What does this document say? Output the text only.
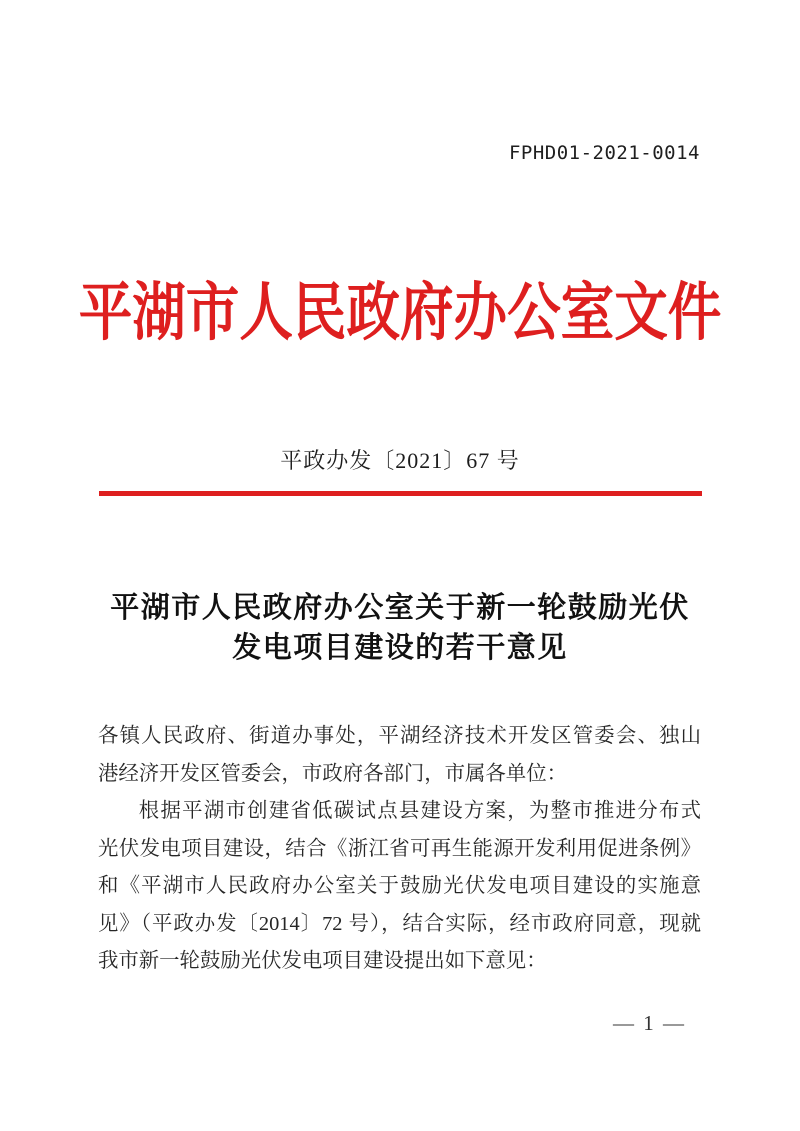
FPHD01-2021-0014
平湖市人民政府办公室文件
平政办发〔2021〕67 号
平湖市人民政府办公室关于新一轮鼓励光伏
发电项目建设的若干意见
各镇人民政府、街道办事处，平湖经济技术开发区管委会、独山
港经济开发区管委会，市政府各部门，市属各单位：
根据平湖市创建省低碳试点县建设方案，为整市推进分布式
光伏发电项目建设，结合《浙江省可再生能源开发利用促进条例》
和《平湖市人民政府办公室关于鼓励光伏发电项目建设的实施意
见》（平政办发〔2014〕72 号），结合实际，经市政府同意，现就
我市新一轮鼓励光伏发电项目建设提出如下意见：
— 1 —
